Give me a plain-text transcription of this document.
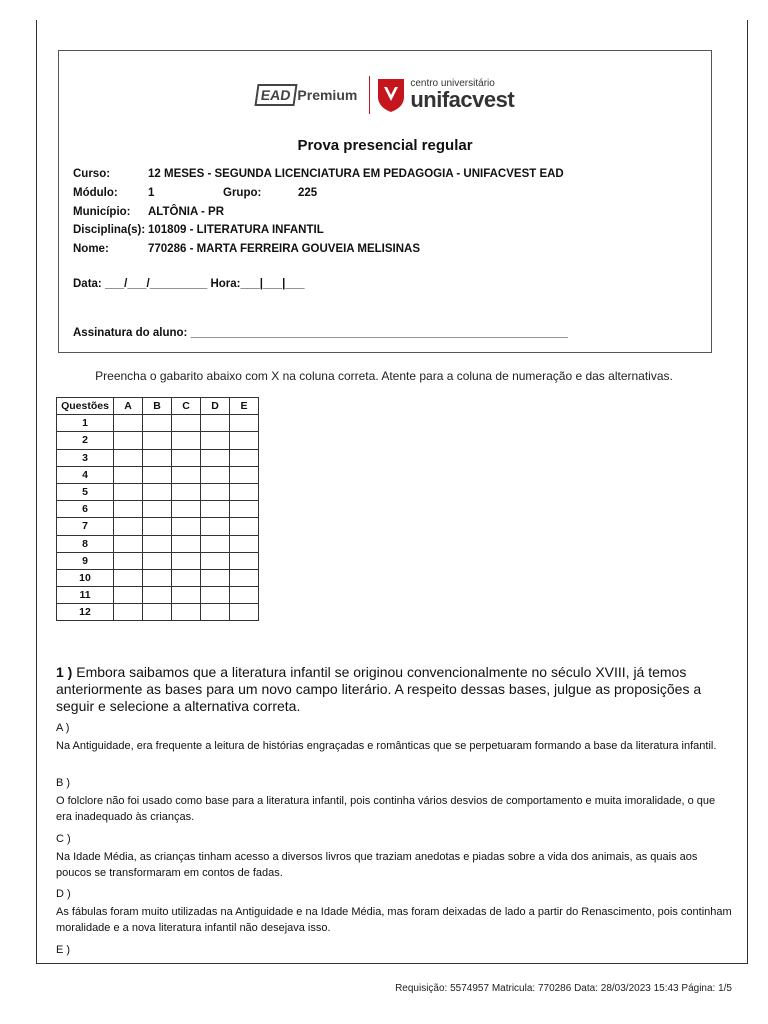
EAD Premium
centro universitário
unifacvest
Prova presencial regular
Curso:	12 MESES - SEGUNDA LICENCIATURA EM PEDAGOGIA - UNIFACVEST EAD
Módulo:	1	Grupo:	225
Município: ALTÔNIA - PR
Disciplina(s): 101809 - LITERATURA INFANTIL
Nome:	770286 - MARTA FERREIRA GOUVEIA MELISINAS
Data: ___/___/_________ Hora:___|___|___
Assinatura do aluno: ___________________________________________________________
Preencha o gabarito abaixo com X na coluna correta. Atente para a coluna de numeração e das alternativas.
Questões	A	B	C	D	E
1					
2					
3					
4					
5					
6					
7					
8					
9					
10					
11					
12					
1 ) Embora saibamos que a literatura infantil se originou convencionalmente no século XVIII, já temos anteriormente as bases para um novo campo literário. A respeito dessas bases, julgue as proposições a seguir e selecione a alternativa correta.
A )
Na Antiguidade, era frequente a leitura de histórias engraçadas e românticas que se perpetuaram formando a base da literatura infantil.
B )
O folclore não foi usado como base para a literatura infantil, pois continha vários desvios de comportamento e muita imoralidade, o que era inadequado às crianças.
C )
Na Idade Média, as crianças tinham acesso a diversos livros que traziam anedotas e piadas sobre a vida dos animais, as quais aos poucos se transformaram em contos de fadas.
D )
As fábulas foram muito utilizadas na Antiguidade e na Idade Média, mas foram deixadas de lado a partir do Renascimento, pois continham moralidade e a nova literatura infantil não desejava isso.
E )
Requisição: 5574957 Matricula: 770286 Data: 28/03/2023 15:43 Página: 1/5
